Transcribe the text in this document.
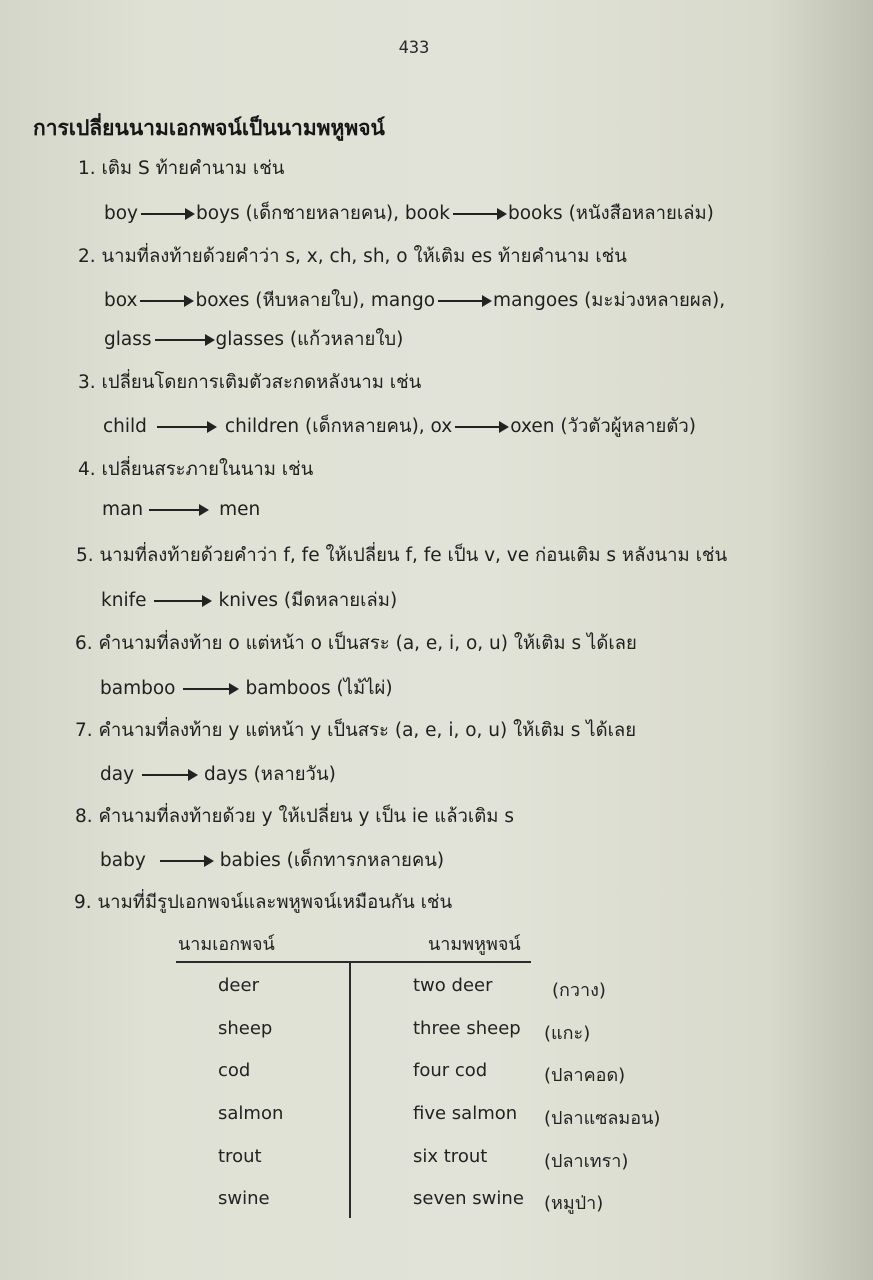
433
การเปลี่ยนนามเอกพจน์เป็นนามพหูพจน์
1. เติม S ท้ายคำนาม เช่น
boy	boys (เด็กชายหลายคน), book	books (หนังสือหลายเล่ม)
2. นามที่ลงท้ายด้วยคำว่า s, x, ch, sh, o ให้เติม es ท้ายคำนาม เช่น
box	boxes (หีบหลายใบ), mango	mangoes (มะม่วงหลายผล),
glass	glasses (แก้วหลายใบ)
3. เปลี่ยนโดยการเติมตัวสะกดหลังนาม เช่น
child	children (เด็กหลายคน), ox	oxen (วัวตัวผู้หลายตัว)
4. เปลี่ยนสระภายในนาม เช่น
man	men
5. นามที่ลงท้ายด้วยคำว่า f, fe ให้เปลี่ยน f, fe เป็น v, ve ก่อนเติม s หลังนาม เช่น
knife	knives (มีดหลายเล่ม)
6. คำนามที่ลงท้าย o แต่หน้า o เป็นสระ (a, e, i, o, u) ให้เติม s ได้เลย
bamboo	bamboos (ไม้ไผ่)
7. คำนามที่ลงท้าย y แต่หน้า y เป็นสระ (a, e, i, o, u) ให้เติม s ได้เลย
day	days (หลายวัน)
8. คำนามที่ลงท้ายด้วย y ให้เปลี่ยน y เป็น ie แล้วเติม s
baby	babies (เด็กทารกหลายคน)
9. นามที่มีรูปเอกพจน์และพหูพจน์เหมือนกัน เช่น
นามเอกพจน์	นามพหูพจน์
deer	two deer	(กวาง)
sheep	three sheep (แกะ)
cod	four cod	(ปลาคอด)
salmon	five salmon (ปลาแซลมอน)
trout	six trout	(ปลาเทรา)
swine	seven swine (หมูป่า)
